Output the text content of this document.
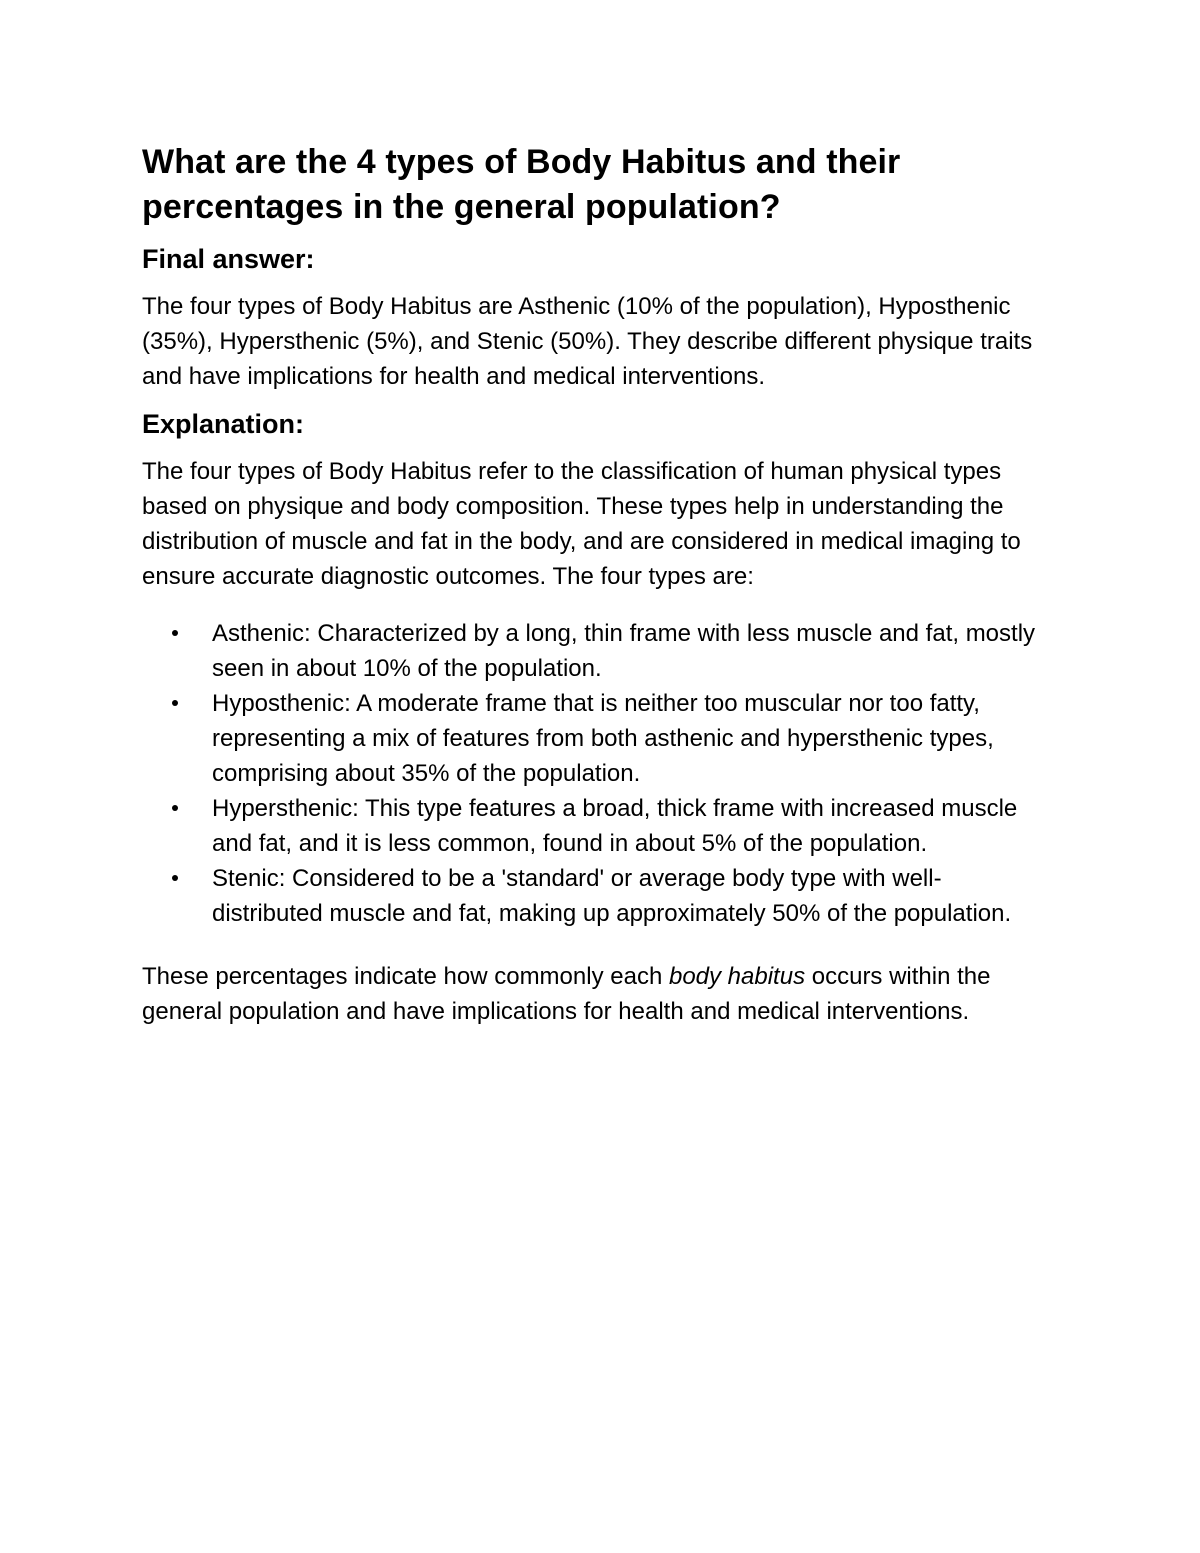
What are the 4 types of Body Habitus and their percentages in the general population?
Final answer:

The four types of Body Habitus are Asthenic (10% of the population), Hyposthenic (35%), Hypersthenic (5%), and Stenic (50%). They describe different physique traits and have implications for health and medical interventions.

Explanation:

The four types of Body Habitus refer to the classification of human physical types based on physique and body composition. These types help in understanding the distribution of muscle and fat in the body, and are considered in medical imaging to ensure accurate diagnostic outcomes. The four types are:

Asthenic: Characterized by a long, thin frame with less muscle and fat, mostly seen in about 10% of the population.
Hyposthenic: A moderate frame that is neither too muscular nor too fatty, representing a mix of features from both asthenic and hypersthenic types, comprising about 35% of the population.
Hypersthenic: This type features a broad, thick frame with increased muscle and fat, and it is less common, found in about 5% of the population.
Stenic: Considered to be a 'standard' or average body type with well-distributed muscle and fat, making up approximately 50% of the population.

These percentages indicate how commonly each body habitus occurs within the general population and have implications for health and medical interventions.
